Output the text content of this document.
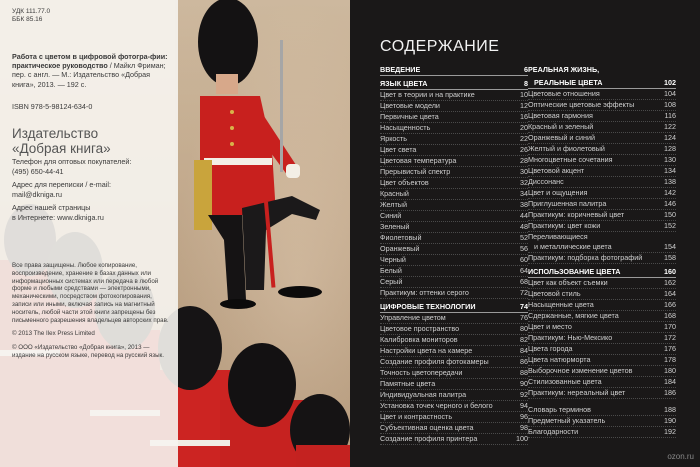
УДК 111.77.0
ББК 85.16
Работа с цветом в цифровой фотогра-фии: практическое руководство / Майкл Фриман; пер. с англ. — М.: Издательство «Добрая книга», 2013. — 192 с.
ISBN 978-5-98124-634-0
Издательство
«Добрая книга»

Телефон для оптовых покупателей:
(495) 650-44-41

Адрес для переписки / e-mail:
mail@dkniga.ru

Адрес нашей страницы
в Интернете: www.dkniga.ru

Все права защищены. Любое копирование, воспроизведение, хранение в базах данных или информационных системах или передача в любой форме и любыми средствами — электронными, механическими, посредством фотокопирования, записи или иными, включая запись на магнитный носитель, любой части этой книги запрещены без письменного разрешения владельцев авторских прав.

© 2013 The Ilex Press Limited

© ООО «Издательство «Добрая книга», 2013 — издание на русском языке, перевод на русский язык.

СОДЕРЖАНИЕ
ВВЕДЕНИЕ	6
ЯЗЫК ЦВЕТА	8
Цвет в теории и на практике	10
Цветовые модели	12
Первичные цвета	16
Насыщенность	20
Яркость	22
Цвет света	26
Цветовая температура	28
Прерывистый спектр	30
Цвет объектов	32
Красный	34
Желтый	38
Синий	44
Зеленый	48
Фиолетовый	52
Оранжевый	56
Черный	60
Белый	64
Серый	68
Практикум: оттенки серого	72
ЦИФРОВЫЕ ТЕХНОЛОГИИ	74
Управление цветом	76
Цветовое пространство	80
Калибровка мониторов	82
Настройки цвета на камере	84
Создание профиля фотокамеры	86
Точность цветопередачи	88
Памятные цвета	90
Индивидуальная палитра	92
Установка точек черного и белого	94
Цвет и контрастность	96
Субъективная оценка цвета	98
Создание профиля принтера	100
РЕАЛЬНАЯ ЖИЗНЬ,
РЕАЛЬНЫЕ ЦВЕТА	102
Цветовые отношения	104
Оптические цветовые эффекты	108
Цветовая гармония	116
Красный и зеленый	122
Оранжевый и синий	124
Желтый и фиолетовый	128
Многоцветные сочетания	130
Цветовой акцент	134
Диссонанс	138
Цвет и ощущения	142
Приглушенная палитра	146
Практикум: коричневый цвет	150
Практикум: цвет кожи	152
Переливающиеся
и металлические цвета	154
Практикум: подборка фотографий	158
ИСПОЛЬЗОВАНИЕ ЦВЕТА	160
Цвет как объект съемки	162
Цветовой стиль	164
Насыщенные цвета	166
Сдержанные, мягкие цвета	168
Цвет и место	170
Практикум: Нью-Мексико	172
Цвета города	176
Цвета натюрморта	178
Выборочное изменение цветов	180
Стилизованные цвета	184
Практикум: нереальный цвет	186
Словарь терминов	188
Предметный указатель	190
Благодарности	192
ozon.ru
